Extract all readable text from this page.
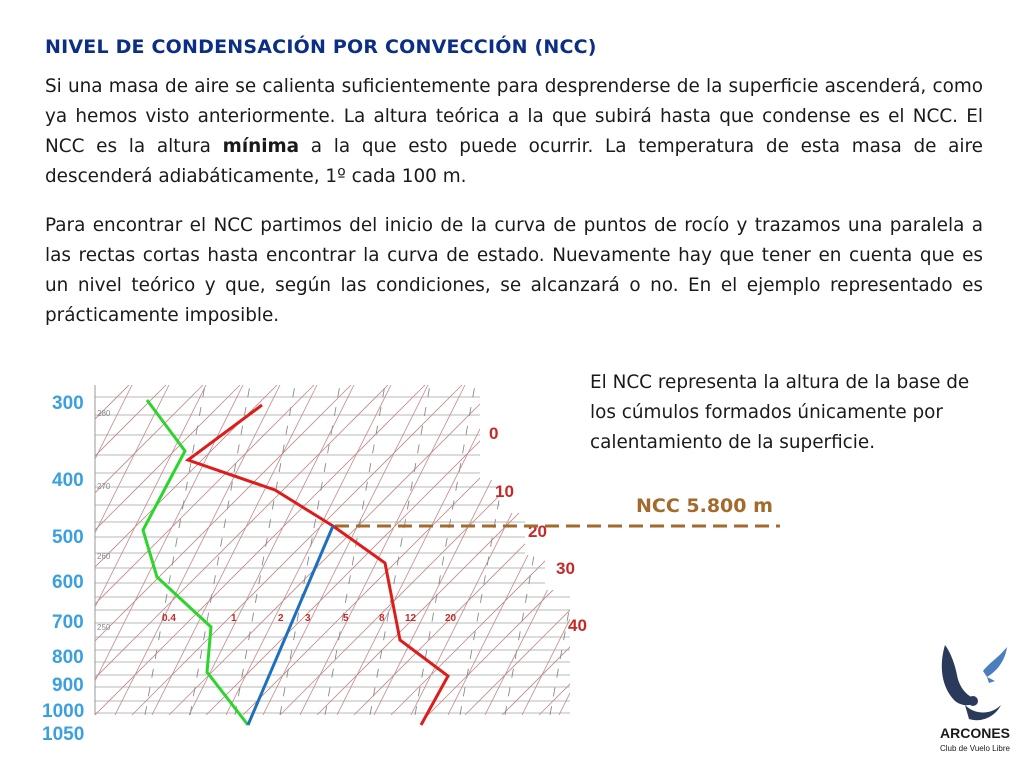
NIVEL DE CONDENSACIÓN POR CONVECCIÓN (NCC)
Si una masa de aire se calienta suficientemente para desprenderse de la superficie ascenderá, como ya hemos visto anteriormente. La altura teórica a la que subirá hasta que condense es el NCC. El NCC es la altura mínima a la que esto puede ocurrir. La temperatura de esta masa de aire descenderá adiabáticamente, 1º cada 100 m.
Para encontrar el NCC partimos del inicio de la curva de puntos de rocío y trazamos una paralela a las rectas cortas hasta encontrar la curva de estado. Nuevamente hay que tener en cuenta que es un nivel teórico y que, según las condiciones, se alcanzará o no. En el ejemplo representado es prácticamente imposible.
El NCC representa la altura de la base de los cúmulos formados únicamente por calentamiento de la superficie.
NCC 5.800 m
300
400
500
600
700
800
900
1000
1050
280
270
260
250
0
10
20
30
40
0.4	1	2 3	5	8 12	20
ARCONES
Club de Vuelo Libre
